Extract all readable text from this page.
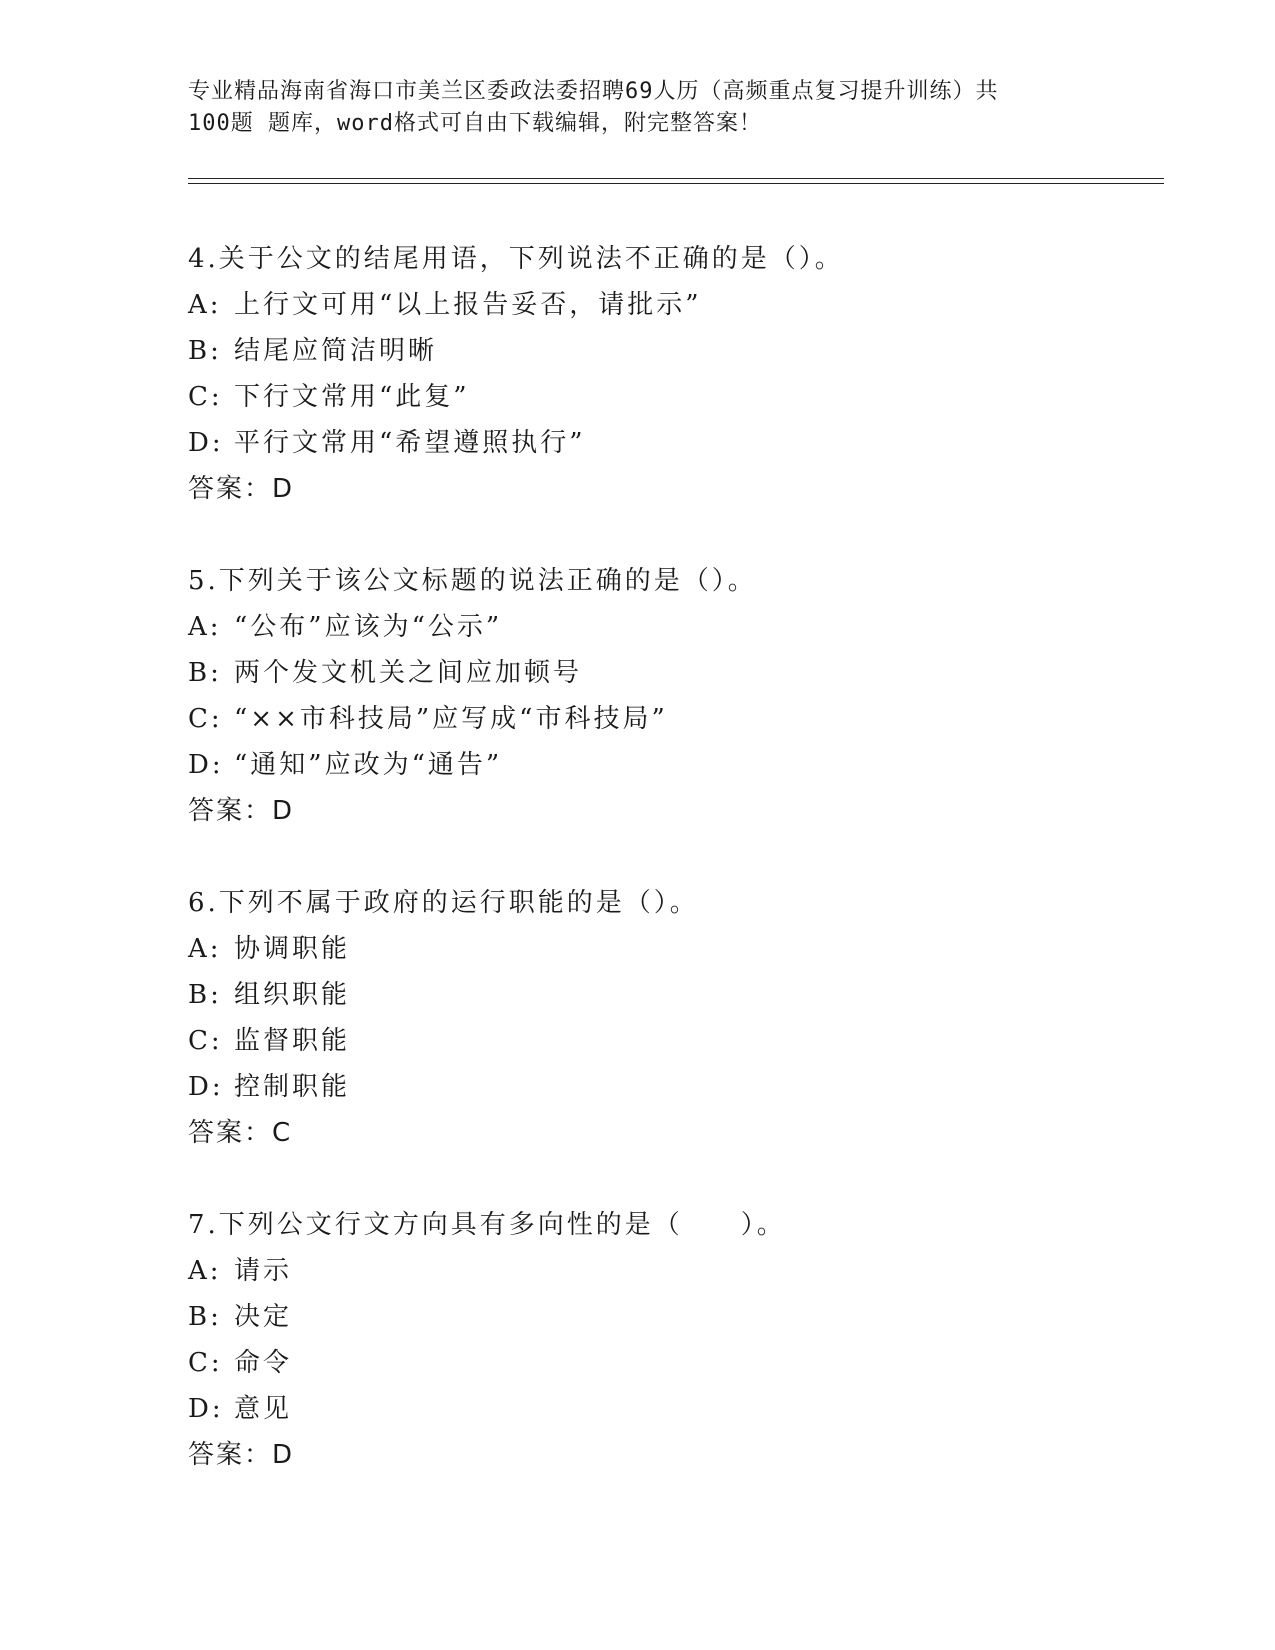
专业精品海南省海口市美兰区委政法委招聘69人历（高频重点复习提升训练）共
100题 题库，word格式可自由下载编辑，附完整答案！
4.关于公文的结尾用语，下列说法不正确的是（）。
A: 上行文可用“以上报告妥否，请批示”
B: 结尾应简洁明晰
C: 下行文常用“此复”
D: 平行文常用“希望遵照执行”
答案：D
5.下列关于该公文标题的说法正确的是（）。
A: “公布”应该为“公示”
B: 两个发文机关之间应加顿号
C: “××市科技局”应写成“市科技局”
D: “通知”应改为“通告”
答案：D
6.下列不属于政府的运行职能的是（）。
A: 协调职能
B: 组织职能
C: 监督职能
D: 控制职能
答案：C
7.下列公文行文方向具有多向性的是（　　）。
A: 请示
B: 决定
C: 命令
D: 意见
答案：D
